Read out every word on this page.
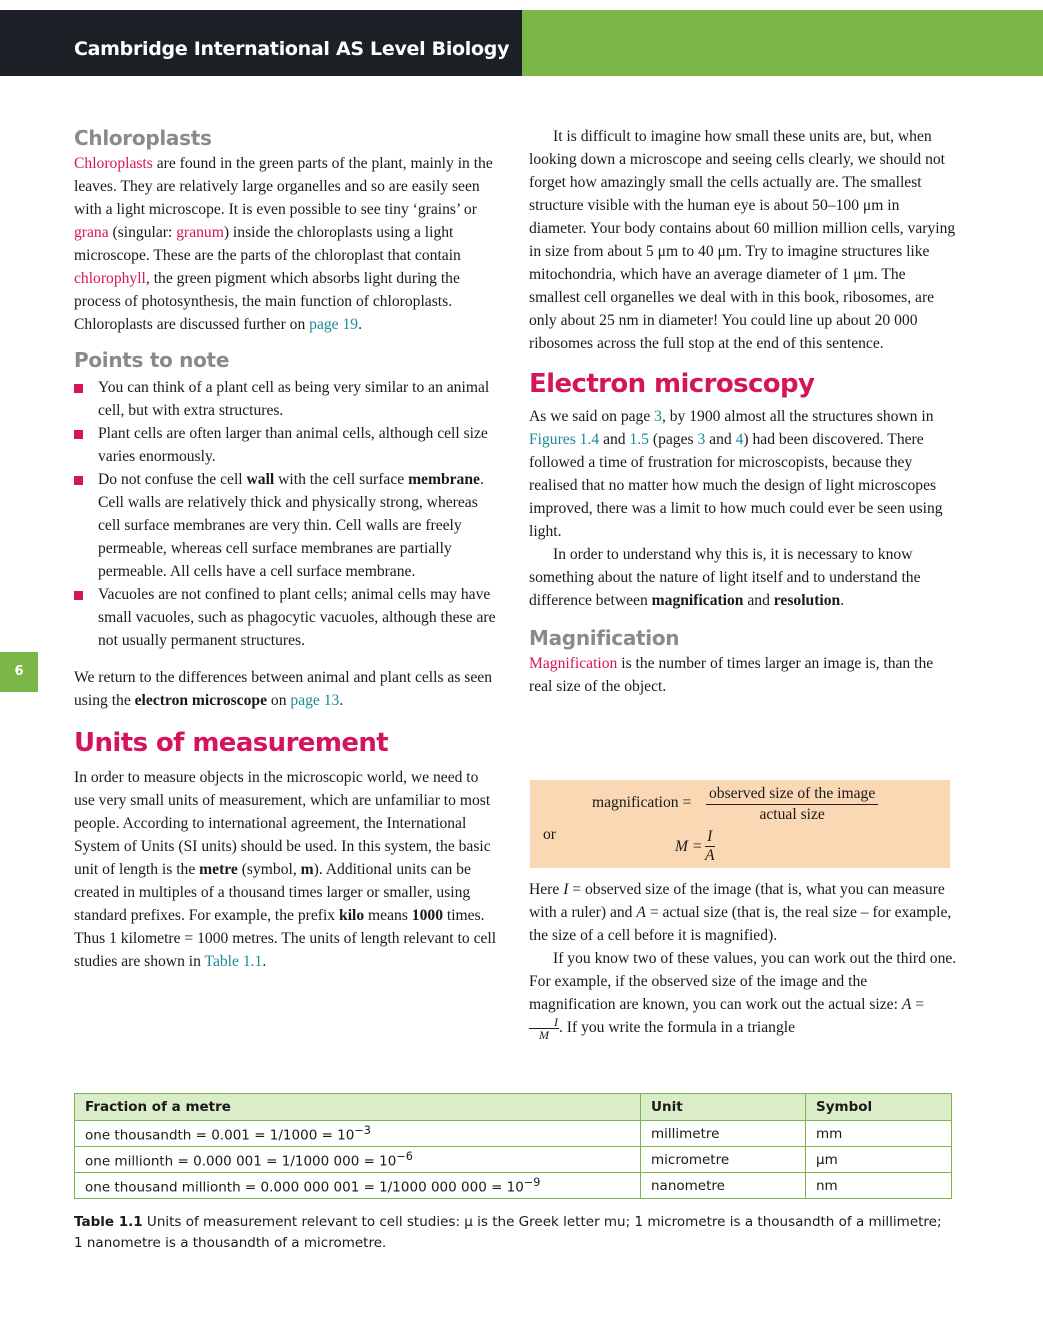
Cambridge International AS Level Biology
6
Chloroplasts

Chloroplasts are found in the green parts of the plant, mainly in the leaves. They are relatively large organelles and so are easily seen with a light microscope. It is even possible to see tiny ‘grains’ or grana (singular: granum) inside the chloroplasts using a light microscope. These are the parts of the chloroplast that contain chlorophyll, the green pigment which absorbs light during the process of photosynthesis, the main function of chloroplasts. Chloroplasts are discussed further on page 19.

Points to note
You can think of a plant cell as being very similar to an animal cell, but with extra structures.
Plant cells are often larger than animal cells, although cell size varies enormously.
Do not confuse the cell wall with the cell surface membrane. Cell walls are relatively thick and physically strong, whereas cell surface membranes are very thin. Cell walls are freely permeable, whereas cell surface membranes are partially permeable. All cells have a cell surface membrane.
Vacuoles are not confined to plant cells; animal cells may have small vacuoles, such as phagocytic vacuoles, although these are not usually permanent structures.

We return to the differences between animal and plant cells as seen using the electron microscope on page 13.

Units of measurement

In order to measure objects in the microscopic world, we need to use very small units of measurement, which are unfamiliar to most people. According to international agreement, the International System of Units (SI units) should be used. In this system, the basic unit of length is the metre (symbol, m). Additional units can be created in multiples of a thousand times larger or smaller, using standard prefixes. For example, the prefix kilo means 1000 times. Thus 1 kilometre = 1000 metres. The units of length relevant to cell studies are shown in Table 1.1.

It is difficult to imagine how small these units are, but, when looking down a microscope and seeing cells clearly, we should not forget how amazingly small the cells actually are. The smallest structure visible with the human eye is about 50–100 μm in diameter. Your body contains about 60 million million cells, varying in size from about 5 μm to 40 μm. Try to imagine structures like mitochondria, which have an average diameter of 1 μm. The smallest cell organelles we deal with in this book, ribosomes, are only about 25 nm in diameter! You could line up about 20 000 ribosomes across the full stop at the end of this sentence.

Electron microscopy

As we said on page 3, by 1900 almost all the structures shown in Figures 1.4 and 1.5 (pages 3 and 4) had been discovered. There followed a time of frustration for microscopists, because they realised that no matter how much the design of light microscopes improved, there was a limit to how much could ever be seen using light.

In order to understand why this is, it is necessary to know something about the nature of light itself and to understand the difference between magnification and resolution.

Magnification

Magnification is the number of times larger an image is, than the real size of the object.

magnification =
observed size of the image
actual size
or
M =
I
A

Here I = observed size of the image (that is, what you can measure with a ruler) and A = actual size (that is, the real size – for example, the size of a cell before it is magnified).

If you know two of these values, you can work out the third one. For example, if the observed size of the image and the magnification are known, you can work out the actual size: A =
$\frac{I}{M}$. If you write the formula in a triangle

Fraction of a metre	Unit	Symbol
one thousandth = $0.001 = 1/1000 = 10^{-3}$	millimetre	mm
one millionth = 0.000 001 = 1/1000 $000 = 10^{-6}$	micrometre	μm
one thousand millionth = 0.000 000 001 = 1/1000 000 $000 = 10^{-9}$	nanometre	nm
Table 1.1 Units of measurement relevant to cell studies: μ is the Greek letter mu; 1 micrometre is a thousandth of a millimetre; 1 nanometre is a thousandth of a micrometre.
